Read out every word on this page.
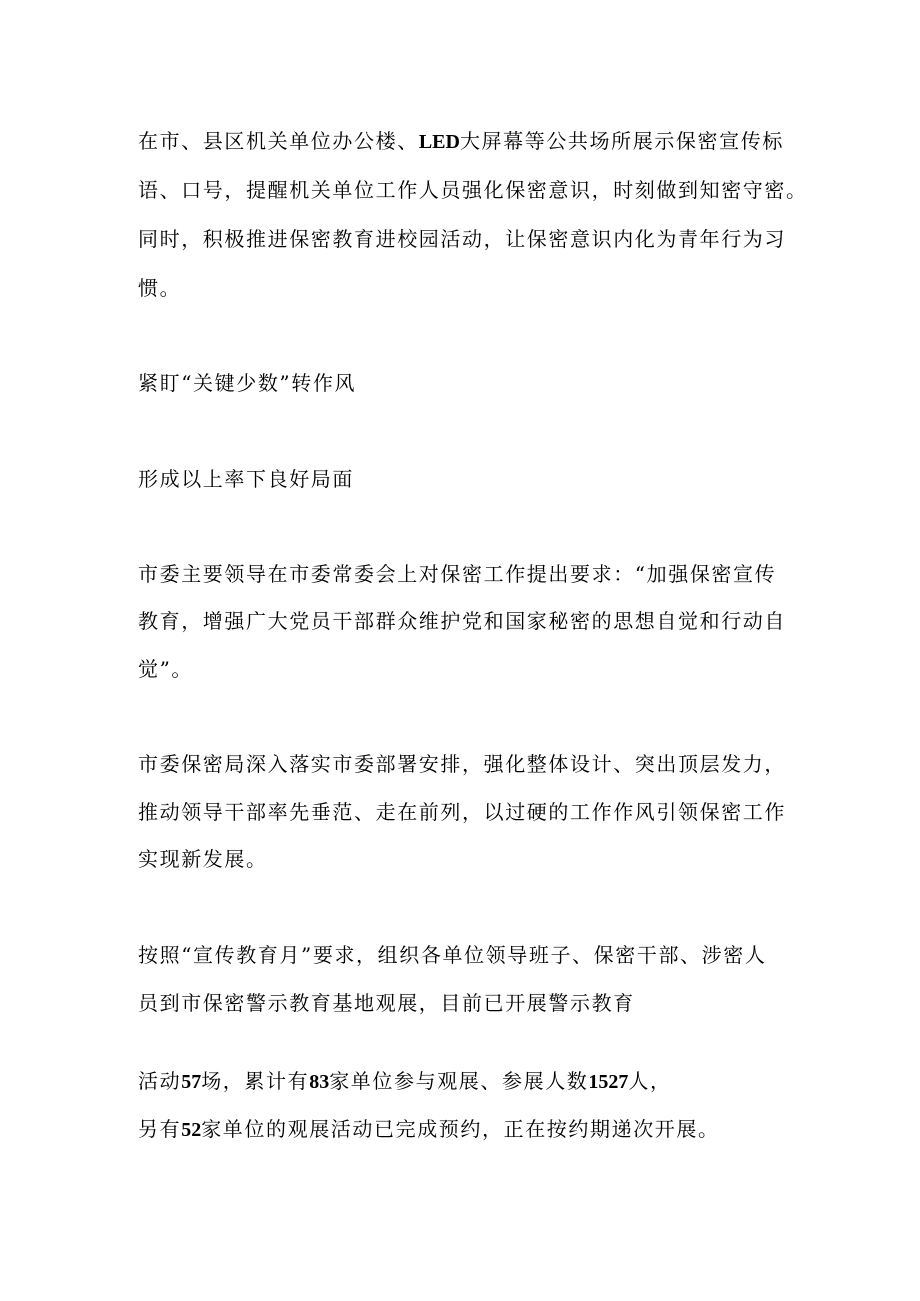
在市、县区机关单位办公楼、LED大屏幕等公共场所展示保密宣传标
语、口号，提醒机关单位工作人员强化保密意识，时刻做到知密守密。
同时，积极推进保密教育进校园活动，让保密意识内化为青年行为习
惯。
紧盯“关键少数”转作风
形成以上率下良好局面
市委主要领导在市委常委会上对保密工作提出要求：“加强保密宣传
教育，增强广大党员干部群众维护党和国家秘密的思想自觉和行动自
觉”。
市委保密局深入落实市委部署安排，强化整体设计、突出顶层发力，
推动领导干部率先垂范、走在前列，以过硬的工作作风引领保密工作
实现新发展。
按照“宣传教育月”要求，组织各单位领导班子、保密干部、涉密人
员到市保密警示教育基地观展，目前已开展警示教育
活动57场，累计有83家单位参与观展、参展人数1527人，
另有52家单位的观展活动已完成预约，正在按约期递次开展。
